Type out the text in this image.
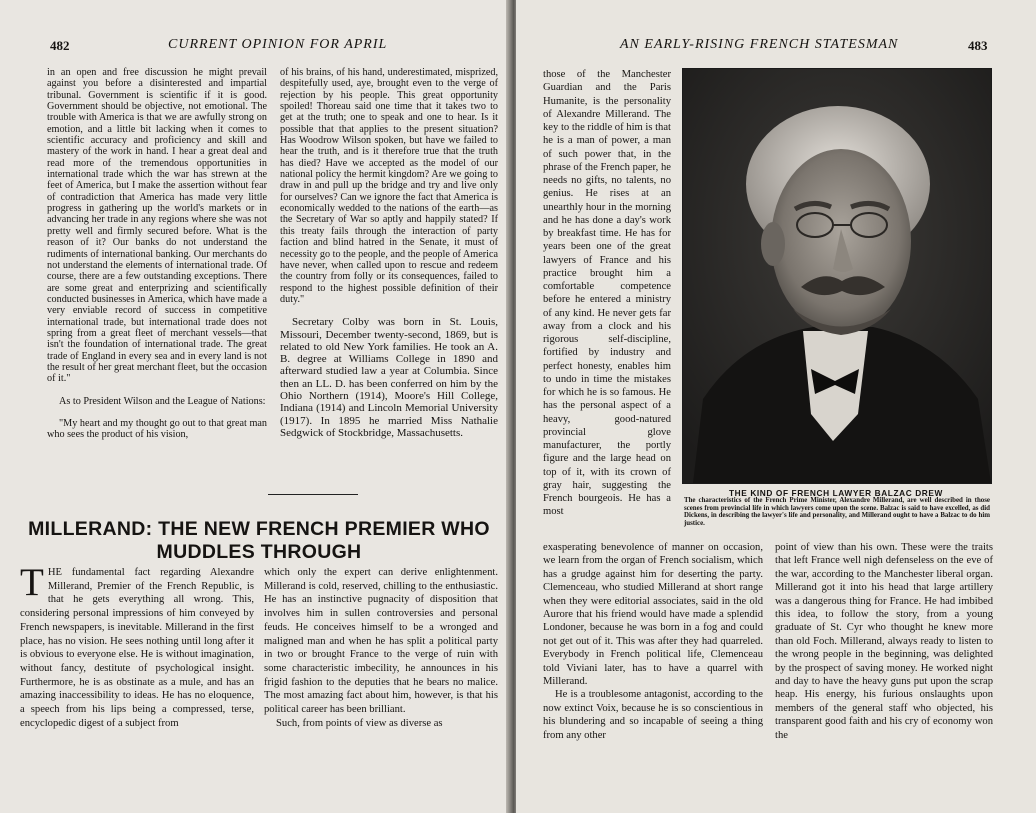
482	CURRENT OPINION FOR APRIL

in an open and free discussion he might prevail against you before a disinterested and impartial tribunal. Government is scientific if it is good. Government should be objective, not emotional. The trouble with America is that we are awfully strong on emotion, and a little bit lacking when it comes to scientific accuracy and proficiency and skill and mastery of the work in hand. I hear a great deal and read more of the tremendous opportunities in international trade which the war has strewn at the feet of America, but I make the assertion without fear of contradiction that America has made very little progress in gathering up the world's markets or in advancing her trade in any regions where she was not pretty well and firmly secured before. What is the reason of it? Our banks do not understand the rudiments of international banking. Our merchants do not understand the elements of international trade. Of course, there are a few outstanding exceptions. There are some great and enterprizing and scientifically conducted businesses in America, which have made a very enviable record of success in competitive international trade, but international trade does not spring from a great fleet of merchant vessels—that isn't the foundation of international trade. The great trade of England in every sea and in every land is not the result of her great merchant fleet, but the occasion of it."

As to President Wilson and the League of Nations:

"My heart and my thought go out to that great man who sees the product of his vision,

of his brains, of his hand, underestimated, misprized, despitefully used, aye, brought even to the verge of rejection by his people. This great opportunity spoiled! Thoreau said one time that it takes two to get at the truth; one to speak and one to hear. Is it possible that that applies to the present situation? Has Woodrow Wilson spoken, but have we failed to hear the truth, and is it therefore true that the truth has died? Have we accepted as the model of our national policy the hermit kingdom? Are we going to draw in and pull up the bridge and try and live only for ourselves? Can we ignore the fact that America is economically wedded to the nations of the earth—as the Secretary of War so aptly and happily stated? If this treaty fails through the interaction of party faction and blind hatred in the Senate, it must of necessity go to the people, and the people of America have never, when called upon to rescue and redeem the country from folly or its consequences, failed to respond to the highest possible definition of their duty."

Secretary Colby was born in St. Louis, Missouri, December twenty-second, 1869, but is related to old New York families. He took an A. B. degree at Williams College in 1890 and afterward studied law a year at Columbia. Since then an LL. D. has been conferred on him by the Ohio Northern (1914), Moore's Hill College, Indiana (1914) and Lincoln Memorial University (1917). In 1895 he married Miss Nathalie Sedgwick of Stockbridge, Massachusetts.

MILLERAND: THE NEW FRENCH PREMIER WHO
MUDDLES THROUGH

THE fundamental fact regarding Alexandre Millerand, Premier of the French Republic, is that he gets everything all wrong. This, considering personal impressions of him conveyed by French newspapers, is inevitable. Millerand in the first place, has no vision. He sees nothing until long after it is obvious to everyone else. He is without imagination, without fancy, destitute of psychological insight. Furthermore, he is as obstinate as a mule, and has an amazing inaccessibility to ideas. He has no eloquence, a speech from his lips being a compressed, terse, encyclopedic digest of a subject from

which only the expert can derive enlightenment. Millerand is cold, reserved, chilling to the enthusiastic. He has an instinctive pugnacity of disposition that involves him in sullen controversies and personal feuds. He conceives himself to be a wronged and maligned man and when he has split a political party in two or brought France to the verge of ruin with some characteristic imbecility, he announces in his frigid fashion to the deputies that he bears no malice. The most amazing fact about him, however, is that his political career has been brilliant.

Such, from points of view as diverse as

AN EARLY-RISING FRENCH STATESMAN	483

those of the Manchester Guardian and the Paris Humanite, is the personality of Alexandre Millerand. The key to the riddle of him is that he is a man of power, a man of such power that, in the phrase of the French paper, he needs no gifts, no talents, no genius. He rises at an unearthly hour in the morning and he has done a day's work by breakfast time. He has for years been one of the great lawyers of France and his practice brought him a comfortable competence before he entered a ministry of any kind. He never gets far away from a clock and his rigorous self-discipline, fortified by industry and perfect honesty, enables him to undo in time the mistakes for which he is so famous. He has the personal aspect of a heavy, good-natured provincial glove manufacturer, the portly figure and the large head on top of it, with its crown of gray hair, suggesting the French bourgeois. He has a most

THE KIND OF FRENCH LAWYER BALZAC DREW
The characteristics of the French Prime Minister, Alexandre Millerand, are well described in those scenes from provincial life in which lawyers come upon the scene. Balzac is said to have excelled, as did Dickens, in describing the lawyer's life and personality, and Millerand ought to have a Balzac to do him justice.

exasperating benevolence of manner on occasion, we learn from the organ of French socialism, which has a grudge against him for deserting the party. Clemenceau, who studied Millerand at short range when they were editorial associates, said in the old Aurore that his friend would have made a splendid Londoner, because he was born in a fog and could not get out of it. This was after they had quarreled. Everybody in French political life, Clemenceau told Viviani later, has to have a quarrel with Millerand.

He is a troublesome antagonist, according to the now extinct Voix, because he is so conscientious in his blundering and so incapable of seeing a thing from any other

point of view than his own. These were the traits that left France well nigh defenseless on the eve of the war, according to the Manchester liberal organ. Millerand got it into his head that large artillery was a dangerous thing for France. He had imbibed this idea, to follow the story, from a young graduate of St. Cyr who thought he knew more than old Foch. Millerand, always ready to listen to the wrong people in the beginning, was delighted by the prospect of saving money. He worked night and day to have the heavy guns put upon the scrap heap. His energy, his furious onslaughts upon members of the general staff who objected, his transparent good faith and his cry of economy won the
